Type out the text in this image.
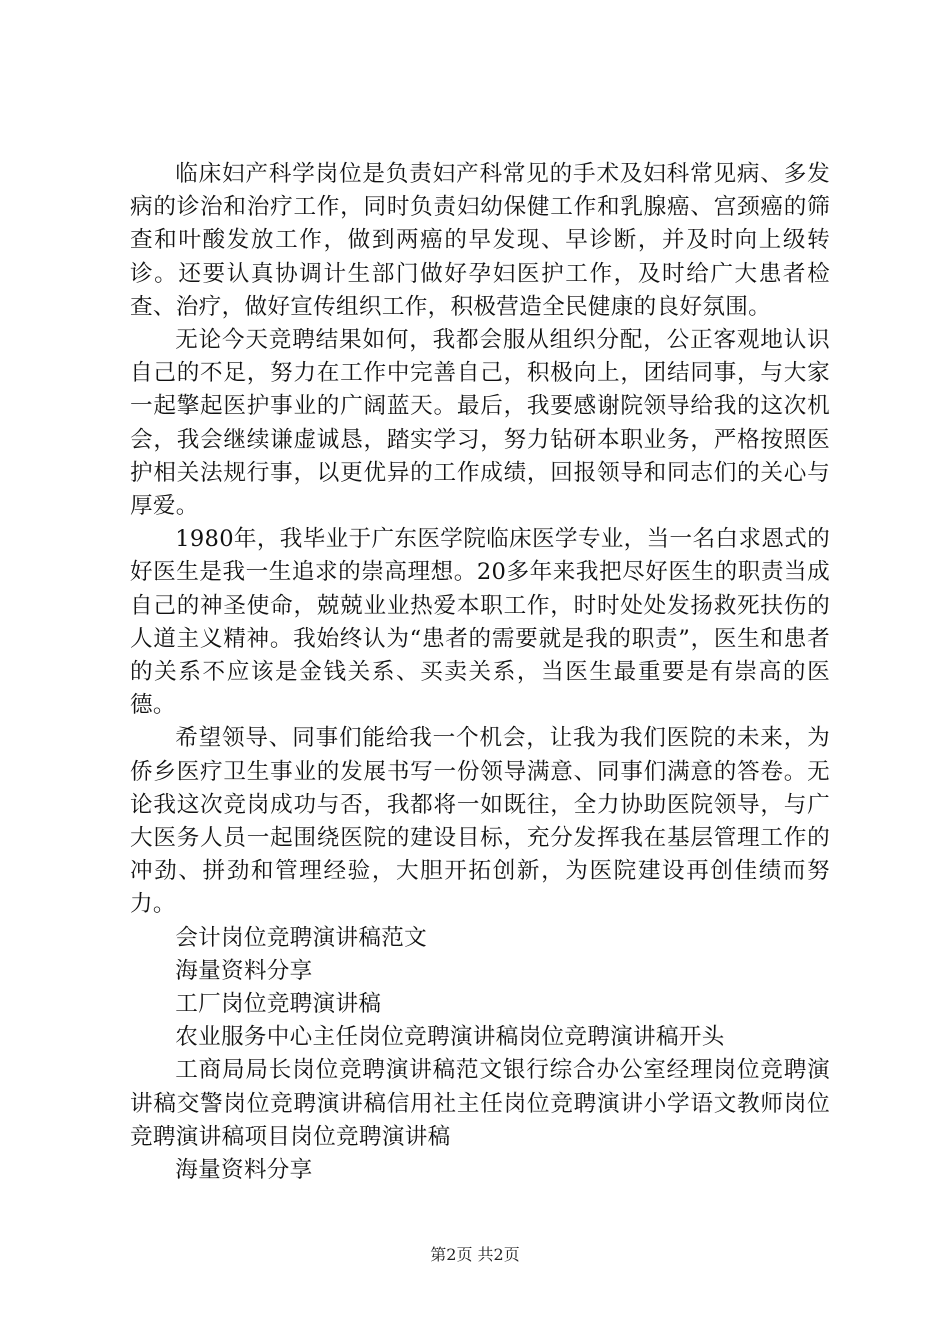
临床妇产科学岗位是负责妇产科常见的手术及妇科常见病、多发病的诊治和治疗工作，同时负责妇幼保健工作和乳腺癌、宫颈癌的筛查和叶酸发放工作，做到两癌的早发现、早诊断，并及时向上级转诊。还要认真协调计生部门做好孕妇医护工作，及时给广大患者检查、治疗，做好宣传组织工作，积极营造全民健康的良好氛围。

无论今天竞聘结果如何，我都会服从组织分配，公正客观地认识自己的不足，努力在工作中完善自己，积极向上，团结同事，与大家一起擎起医护事业的广阔蓝天。最后，我要感谢院领导给我的这次机会，我会继续谦虚诚恳，踏实学习，努力钻研本职业务，严格按照医护相关法规行事，以更优异的工作成绩，回报领导和同志们的关心与厚爱。

1980年，我毕业于广东医学院临床医学专业，当一名白求恩式的好医生是我一生追求的崇高理想。20多年来我把尽好医生的职责当成自己的神圣使命，兢兢业业热爱本职工作，时时处处发扬救死扶伤的人道主义精神。我始终认为“患者的需要就是我的职责”，医生和患者的关系不应该是金钱关系、买卖关系，当医生最重要是有崇高的医德。

希望领导、同事们能给我一个机会，让我为我们医院的未来，为侨乡医疗卫生事业的发展书写一份领导满意、同事们满意的答卷。无论我这次竞岗成功与否，我都将一如既往，全力协助医院领导，与广大医务人员一起围绕医院的建设目标，充分发挥我在基层管理工作的冲劲、拼劲和管理经验，大胆开拓创新，为医院建设再创佳绩而努力。

会计岗位竞聘演讲稿范文

海量资料分享

工厂岗位竞聘演讲稿

农业服务中心主任岗位竞聘演讲稿岗位竞聘演讲稿开头

工商局局长岗位竞聘演讲稿范文银行综合办公室经理岗位竞聘演讲稿交警岗位竞聘演讲稿信用社主任岗位竞聘演讲小学语文教师岗位竞聘演讲稿项目岗位竞聘演讲稿

海量资料分享

第2页 共2页
